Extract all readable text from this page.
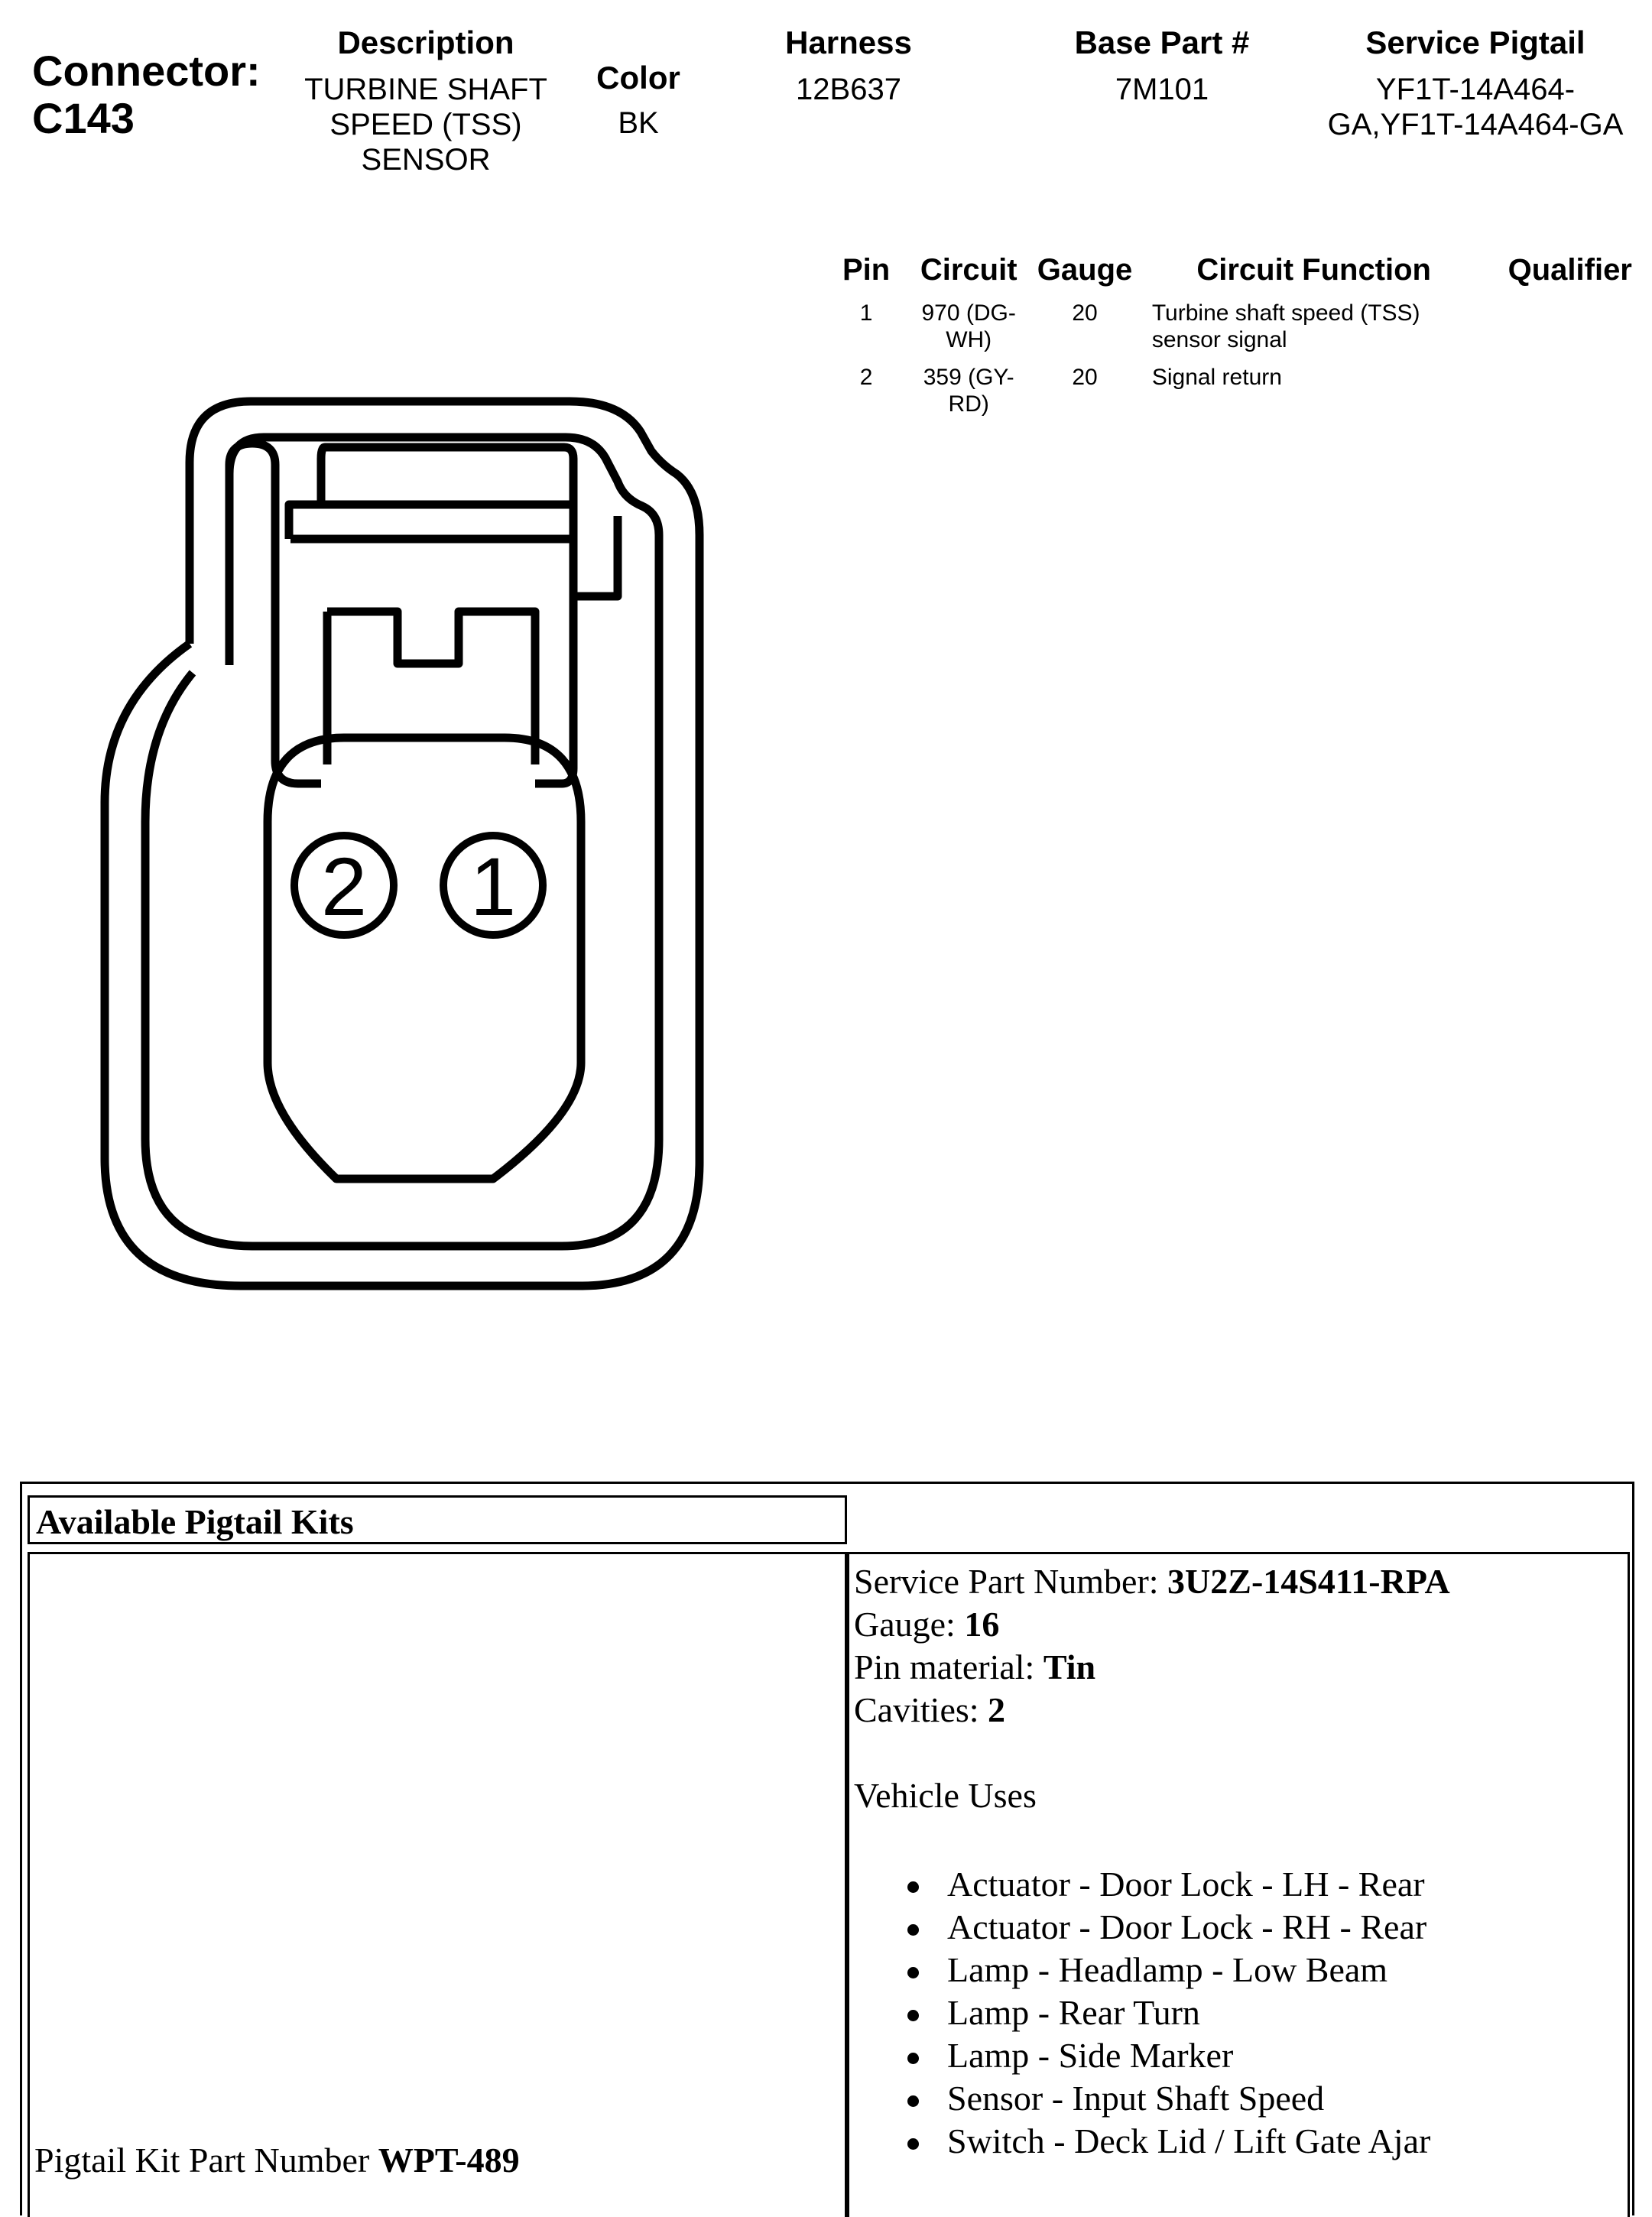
Connector:
C143
Description
TURBINE SHAFT SPEED (TSS) SENSOR
Color
BK
Harness
12B637
Base Part #
7M101
Service Pigtail
YF1T-14A464-GA,YF1T-14A464-GA
Pin	Circuit	Gauge	Circuit Function	Qualifier
1	970 (DG-WH)	20	Turbine shaft speed (TSS) sensor signal	
2	359 (GY-RD)	20	Signal return	
2 1
Available Pigtail Kits
Pigtail Kit Part Number WPT-489
Service Part Number: 3U2Z-14S411-RPA
Gauge: 16
Pin material: Tin
Cavities: 2
Vehicle Uses
Actuator - Door Lock - LH - Rear
Actuator - Door Lock - RH - Rear
Lamp - Headlamp - Low Beam
Lamp - Rear Turn
Lamp - Side Marker
Sensor - Input Shaft Speed
Switch - Deck Lid / Lift Gate Ajar
